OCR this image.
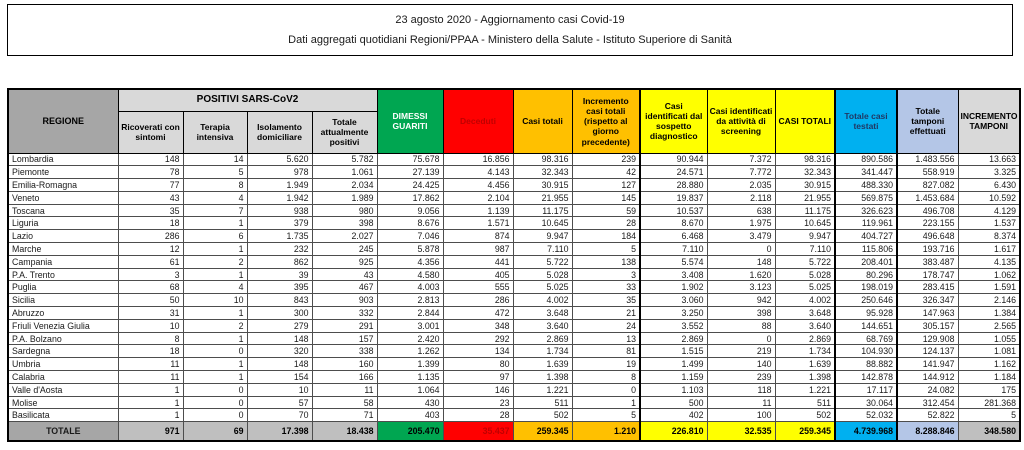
23 agosto 2020 - Aggiornamento casi Covid-19
Dati aggregati quotidiani Regioni/PPAA - Ministero della Salute - Istituto Superiore di Sanità
REGIONE	POSITIVI SARS-CoV2				DIMESSI GUARITI	Deceduti	Casi totali	Incremento casi totali (rispetto al giorno precedente)	Casi identificati dal sospetto diagnostico	Casi identificati da attività di screening	CASI TOTALI	Totale casi testati	Totale tamponi effettuati	INCREMENTO TAMPONI
	Ricoverati con sintomi	Terapia intensiva	Isolamento domiciliare	Totale attualmente positivi										
Lombardia	148	14	5.620	5.782	75.678	16.856	98.316	239	90.944	7.372	98.316	890.586	1.483.556	13.663
Piemonte	78	5	978	1.061	27.139	4.143	32.343	42	24.571	7.772	32.343	341.447	558.919	3.325
Emilia-Romagna	77	8	1.949	2.034	24.425	4.456	30.915	127	28.880	2.035	30.915	488.330	827.082	6.430
Veneto	43	4	1.942	1.989	17.862	2.104	21.955	145	19.837	2.118	21.955	569.875	1.453.684	10.592
Toscana	35	7	938	980	9.056	1.139	11.175	59	10.537	638	11.175	326.623	496.708	4.129
Liguria	18	1	379	398	8.676	1.571	10.645	28	8.670	1.975	10.645	119.961	223.155	1.537
Lazio	286	6	1.735	2.027	7.046	874	9.947	184	6.468	3.479	9.947	404.727	496.648	8.374
Marche	12	1	232	245	5.878	987	7.110	5	7.110	0	7.110	115.806	193.716	1.617
Campania	61	2	862	925	4.356	441	5.722	138	5.574	148	5.722	208.401	383.487	4.135
P.A. Trento	3	1	39	43	4.580	405	5.028	3	3.408	1.620	5.028	80.296	178.747	1.062
Puglia	68	4	395	467	4.003	555	5.025	33	1.902	3.123	5.025	198.019	283.415	1.591
Sicilia	50	10	843	903	2.813	286	4.002	35	3.060	942	4.002	250.646	326.347	2.146
Abruzzo	31	1	300	332	2.844	472	3.648	21	3.250	398	3.648	95.928	147.963	1.384
Friuli Venezia Giulia	10	2	279	291	3.001	348	3.640	24	3.552	88	3.640	144.651	305.157	2.565
P.A. Bolzano	8	1	148	157	2.420	292	2.869	13	2.869	0	2.869	68.769	129.908	1.055
Sardegna	18	0	320	338	1.262	134	1.734	81	1.515	219	1.734	104.930	124.137	1.081
Umbria	11	1	148	160	1.399	80	1.639	19	1.499	140	1.639	88.882	141.947	1.162
Calabria	11	1	154	166	1.135	97	1.398	8	1.159	239	1.398	142.878	144.912	1.184
Valle d'Aosta	1	0	10	11	1.064	146	1.221	0	1.103	118	1.221	17.117	24.082	175
Molise	1	0	57	58	430	23	511	1	500	11	511	30.064	312.454	281.368
Basilicata	1	0	70	71	403	28	502	5	402	100	502	52.032	52.822	5
TOTALE	971	69	17.398	18.438	205.470	35.437	259.345	1.210	226.810	32.535	259.345	4.739.968	8.288.846	348.580
